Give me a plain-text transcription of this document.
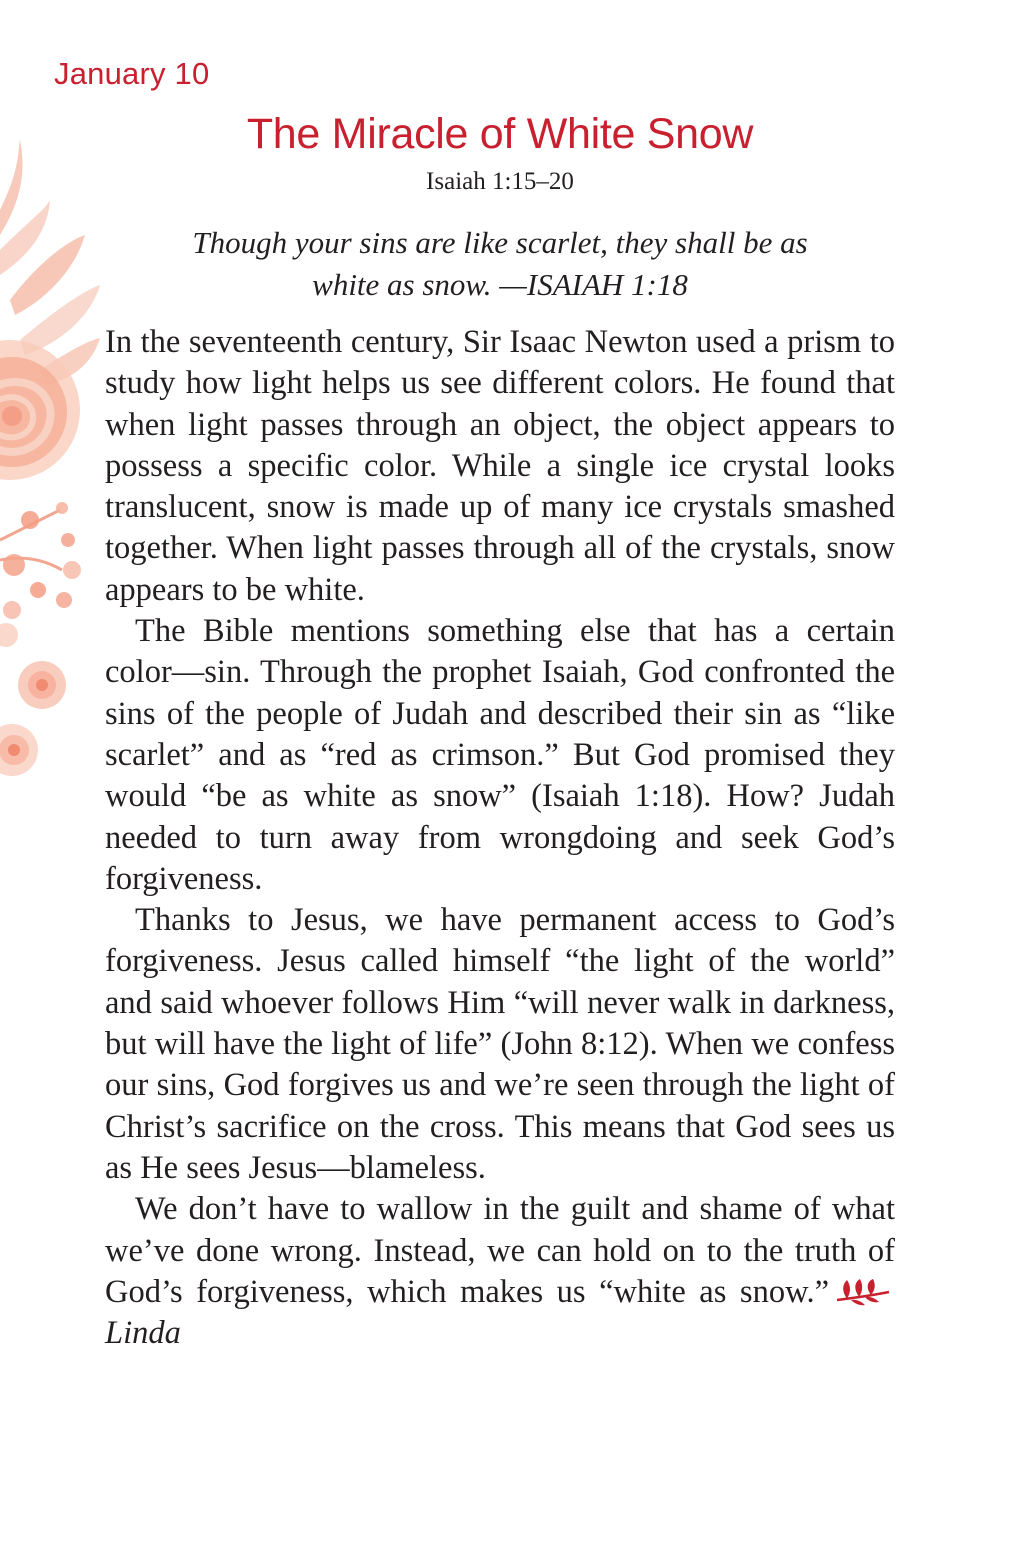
January 10
The Miracle of White Snow
Isaiah 1:15–20
Though your sins are like scarlet, they shall be as
white as snow. —ISAIAH 1:18

In the seventeenth century, Sir Isaac Newton used a prism to study how light helps us see different colors. He found that when light passes through an object, the object appears to possess a specific color. While a single ice crystal looks translucent, snow is made up of many ice crystals smashed together. When light passes through all of the crystals, snow appears to be white.

The Bible mentions something else that has a certain color—sin. Through the prophet Isaiah, God confronted the sins of the people of Judah and described their sin as “like scarlet” and as “red as crimson.” But God promised they would “be as white as snow” (Isaiah 1:18). How? Judah needed to turn away from wrongdoing and seek God’s forgiveness.

Thanks to Jesus, we have permanent access to God’s forgiveness. Jesus called himself “the light of the world” and said whoever follows Him “will never walk in darkness, but will have the light of life” (John 8:12). When we confess our sins, God forgives us and we’re seen through the light of Christ’s sacrifice on the cross. This means that God sees us as He sees Jesus—blameless.

We don’t have to wallow in the guilt and shame of what we’ve done wrong. Instead, we can hold on to the truth of God’s forgiveness, which makes us “white as snow.”Linda
